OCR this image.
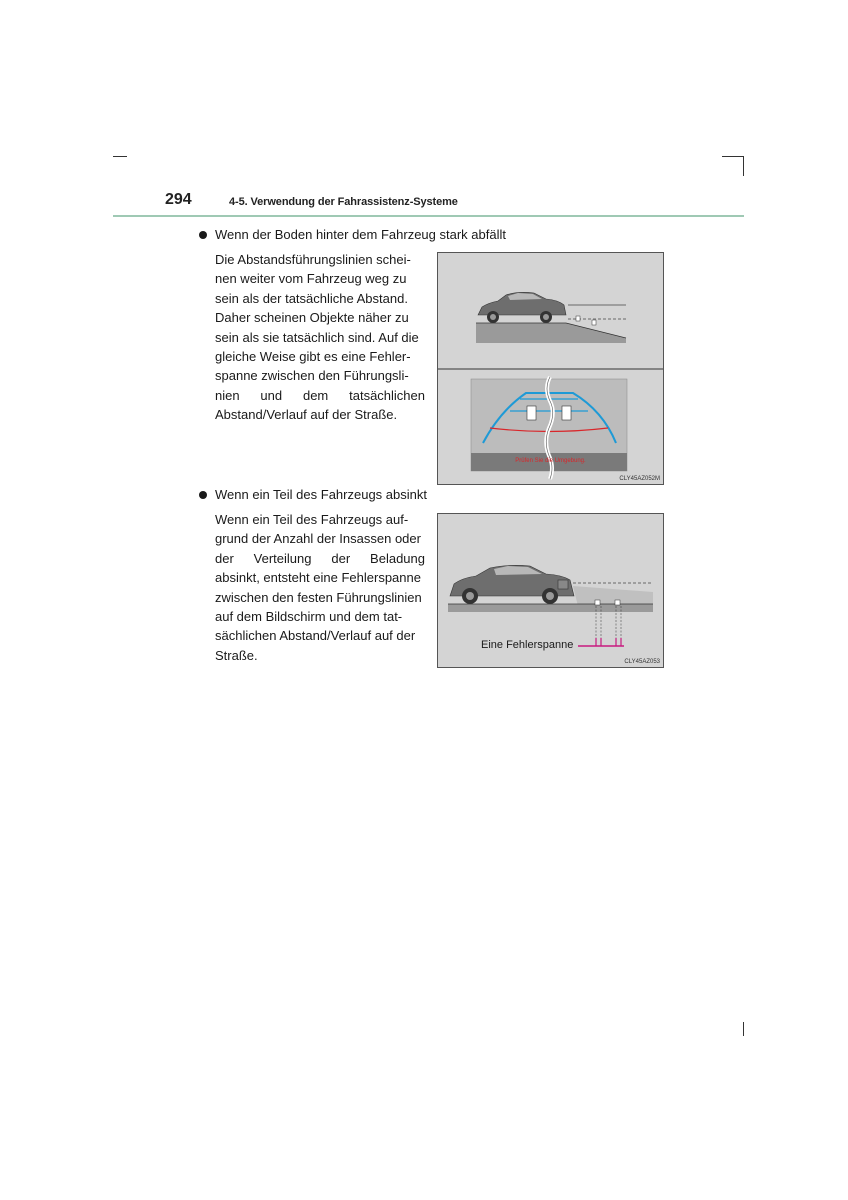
294	4-5. Verwendung der Fahrassistenz-Systeme
Wenn der Boden hinter dem Fahrzeug stark abfällt
Die Abstandsführungslinien schei-
nen weiter vom Fahrzeug weg zu
sein als der tatsächliche Abstand.
Daher scheinen Objekte näher zu
sein als sie tatsächlich sind. Auf die
gleiche Weise gibt es eine Fehler-
spanne zwischen den Führungsli-
nien und dem tatsächlichen
Abstand/Verlauf auf der Straße.
Prüfen Sie die Umgebung.
CLY45AZ052M
Wenn ein Teil des Fahrzeugs absinkt
Wenn ein Teil des Fahrzeugs auf-
grund der Anzahl der Insassen oder
der Verteilung der Beladung
absinkt, entsteht eine Fehlerspanne
zwischen den festen Führungslinien
auf dem Bildschirm und dem tat-
sächlichen Abstand/Verlauf auf der
Straße.
Eine Fehlerspanne
CLY45AZ053
